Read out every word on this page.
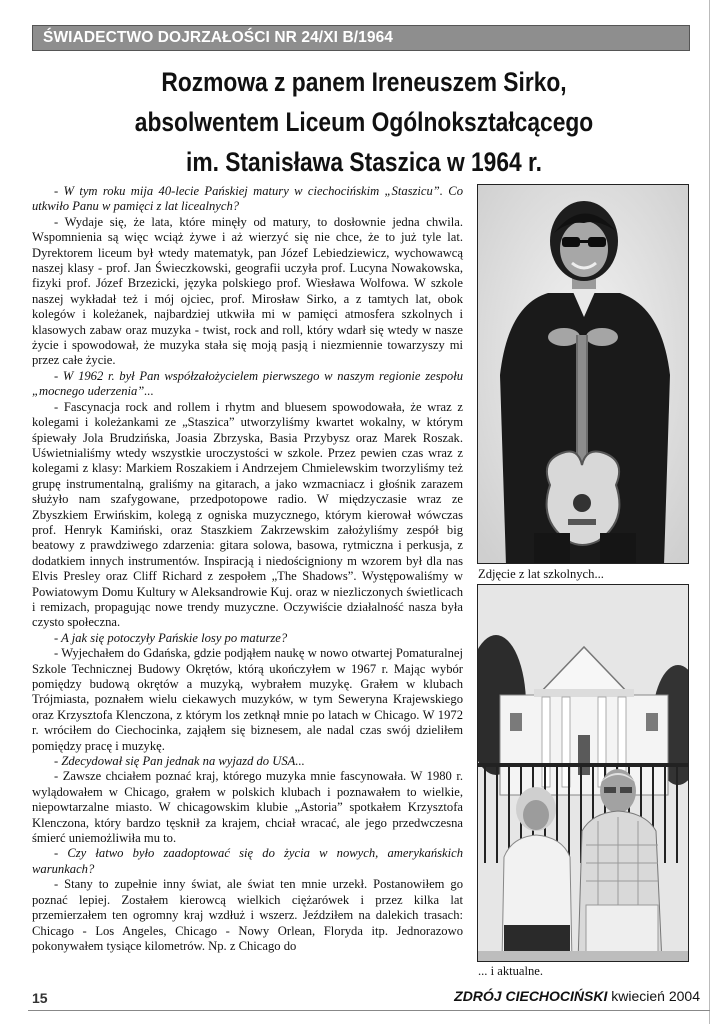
ŚWIADECTWO DOJRZAŁOŚCI NR 24/XI B/1964
Rozmowa z panem Ireneuszem Sirko,
absolwentem Liceum Ogólnokształcącego
im. Stanisława Staszica w 1964 r.

- W tym roku mija 40-lecie Pańskiej matury w ciechocińskim „Staszicu”. Co utkwiło Panu w pamięci z lat licealnych?

- Wydaje się, że lata, które minęły od matury, to dosłownie jedna chwila. Wspomnienia są więc wciąż żywe i aż wierzyć się nie chce, że to już tyle lat. Dyrektorem liceum był wtedy matematyk, pan Józef Lebiedziewicz, wychowawcą naszej klasy - prof. Jan Świeczkowski, geografii uczyła prof. Lucyna Nowakowska, fizyki prof. Józef Brzezicki, języka polskiego prof. Wiesława Wolfowa. W szkole naszej wykładał też i mój ojciec, prof. Mirosław Sirko, a z tamtych lat, obok kolegów i koleżanek, najbardziej utkwiła mi w pamięci atmosfera szkolnych i klasowych zabaw oraz muzyka - twist, rock and roll, który wdarł się wtedy w nasze życie i spowodował, że muzyka stała się moją pasją i niezmiennie towarzyszy mi przez całe życie.

- W 1962 r. był Pan współzałożycielem pierwszego w naszym regionie zespołu „mocnego uderzenia”...

- Fascynacja rock and rollem i rhytm and bluesem spowodowała, że wraz z kolegami i koleżankami ze „Staszica” utworzyliśmy kwartet wokalny, w którym śpiewały Jola Brudzińska, Joasia Zbrzyska, Basia Przybysz oraz Marek Roszak. Uświetnialiśmy wtedy wszystkie uroczystości w szkole. Przez pewien czas wraz z kolegami z klasy: Markiem Roszakiem i Andrzejem Chmielewskim tworzyliśmy też grupę instrumentalną, graliśmy na gitarach, a jako wzmacniacz i głośnik zarazem służyło nam szafygowane, przedpotopowe radio. W międzyczasie wraz ze Zbyszkiem Erwińskim, kolegą z ogniska muzycznego, którym kierował wówczas prof. Henryk Kamiński, oraz Staszkiem Zakrzewskim założyliśmy zespół big beatowy z prawdziwego zdarzenia: gitara solowa, basowa, rytmiczna i perkusja, z dodatkiem innych instrumentów. Inspiracją i niedościgniony m wzorem był dla nas Elvis Presley oraz Cliff Richard z zespołem „The Shadows”. Występowaliśmy w Powiatowym Domu Kultury w Aleksandrowie Kuj. oraz w niezliczonych świetlicach i remizach, propagując nowe trendy muzyczne. Oczywiście działalność nasza była czysto społeczna.

- A jak się potoczyły Pańskie losy po maturze?

- Wyjechałem do Gdańska, gdzie podjąłem naukę w nowo otwartej Pomaturalnej Szkole Technicznej Budowy Okrętów, którą ukończyłem w 1967 r. Mając wybór pomiędzy budową okrętów a muzyką, wybrałem muzykę. Grałem w klubach Trójmiasta, poznałem wielu ciekawych muzyków, w tym Seweryna Krajewskiego oraz Krzysztofa Klenczona, z którym los zetknął mnie po latach w Chicago. W 1972 r. wróciłem do Ciechocinka, zająłem się biznesem, ale nadal czas swój dzieliłem pomiędzy pracę i muzykę.

- Zdecydował się Pan jednak na wyjazd do USA...

- Zawsze chciałem poznać kraj, którego muzyka mnie fascynowała. W 1980 r. wylądowałem w Chicago, grałem w polskich klubach i poznawałem to wielkie, niepowtarzalne miasto. W chicagowskim klubie „Astoria” spotkałem Krzysztofa Klenczona, który bardzo tęsknił za krajem, chciał wracać, ale jego przedwczesna śmierć uniemożliwiła mu to.

- Czy łatwo było zaadoptować się do życia w nowych, amerykańskich warunkach?

- Stany to zupełnie inny świat, ale świat ten mnie urzekł. Postanowiłem go poznać lepiej. Zostałem kierowcą wielkich ciężarówek i przez kilka lat przemierzałem ten ogromny kraj wzdłuż i wszerz. Jeździłem na dalekich trasach: Chicago - Los Angeles, Chicago - Nowy Orlean, Floryda itp. Jednorazowo pokonywałem tysiące kilometrów. Np. z Chicago do

Zdjęcie z lat szkolnych...
... i aktualne.
15	ZDRÓJ CIECHOCIŃSKI kwiecień 2004
